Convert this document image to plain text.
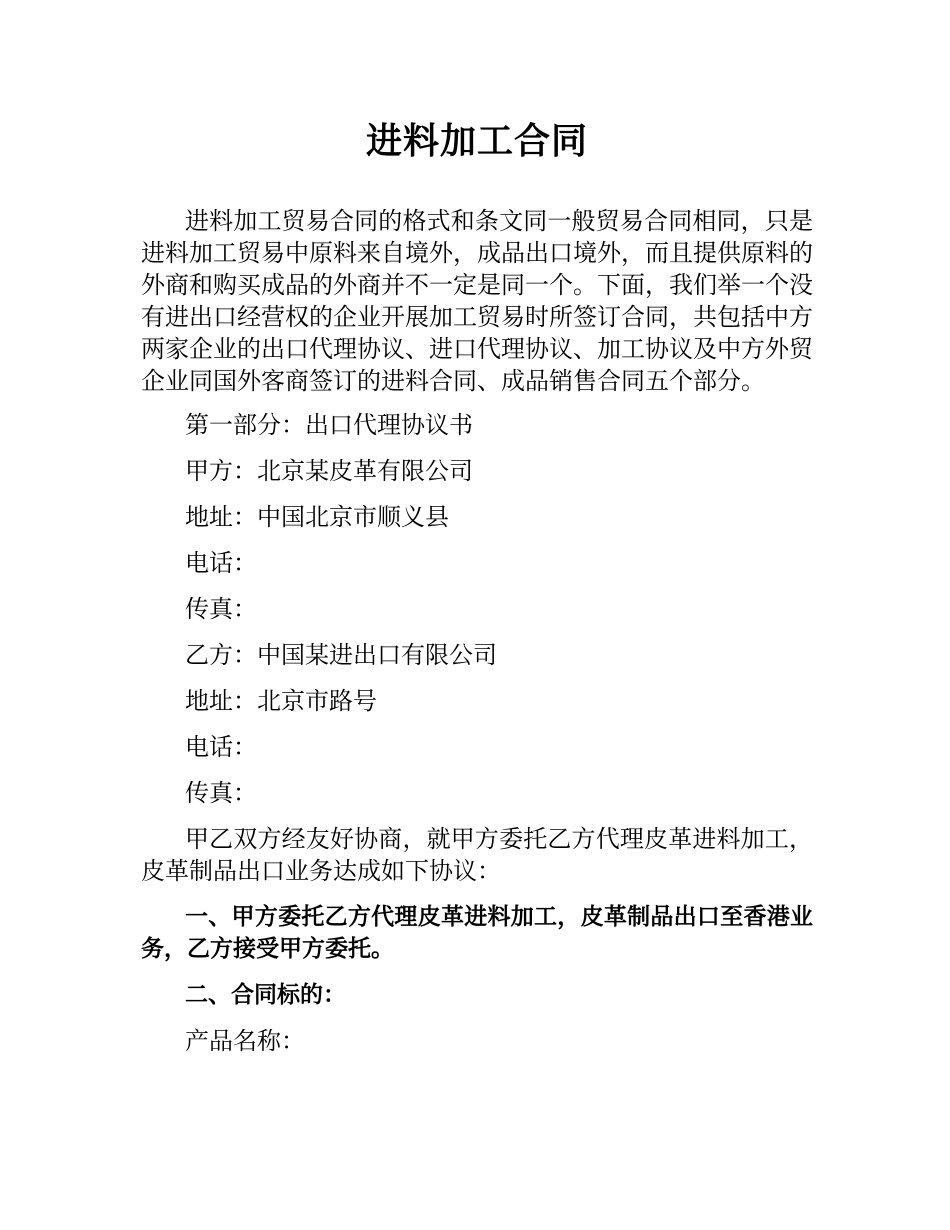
进料加工合同

进料加工贸易合同的格式和条文同一般贸易合同相同，只是进料加工贸易中原料来自境外，成品出口境外，而且提供原料的外商和购买成品的外商并不一定是同一个。下面，我们举一个没有进出口经营权的企业开展加工贸易时所签订合同，共包括中方两家企业的出口代理协议、进口代理协议、加工协议及中方外贸企业同国外客商签订的进料合同、成品销售合同五个部分。

第一部分：出口代理协议书

甲方：北京某皮革有限公司

地址：中国北京市顺义县

电话：

传真：

乙方：中国某进出口有限公司

地址：北京市路号

电话：

传真：

甲乙双方经友好协商，就甲方委托乙方代理皮革进料加工，皮革制品出口业务达成如下协议：

一、甲方委托乙方代理皮革进料加工，皮革制品出口至香港业务，乙方接受甲方委托。

二、合同标的：

产品名称：
